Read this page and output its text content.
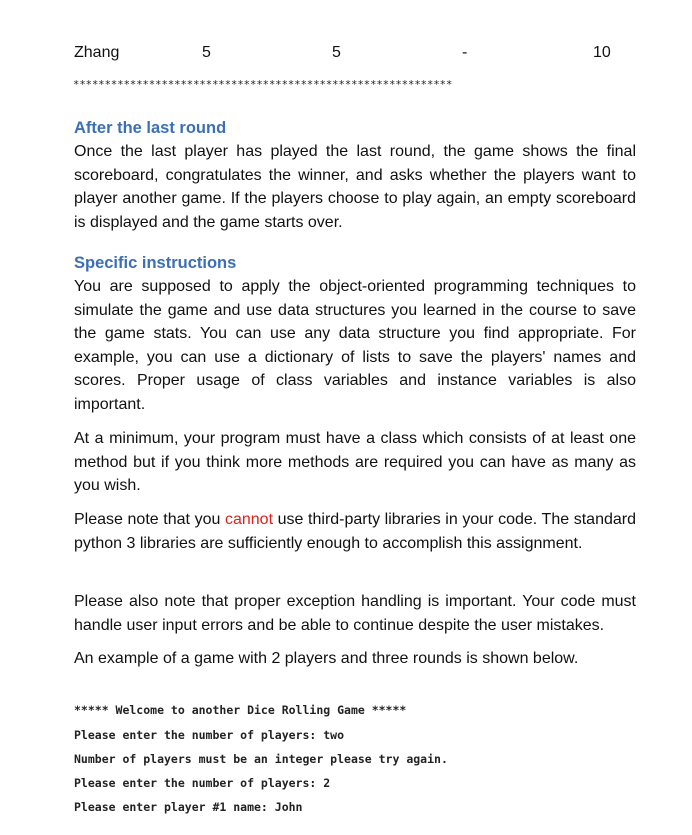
Zhang	5	5	-	10
************************************************************
After the last round

Once the last player has played the last round, the game shows the final scoreboard, congratulates the winner, and asks whether the players want to player another game. If the players choose to play again, an empty scoreboard is displayed and the game starts over.

Specific instructions

You are supposed to apply the object-oriented programming techniques to simulate the game and use data structures you learned in the course to save the game stats. You can use any data structure you find appropriate. For example, you can use a dictionary of lists to save the players' names and scores. Proper usage of class variables and instance variables is also important.

At a minimum, your program must have a class which consists of at least one method but if you think more methods are required you can have as many as you wish.

Please note that you cannot use third-party libraries in your code. The standard python 3 libraries are sufficiently enough to accomplish this assignment.

Please also note that proper exception handling is important. Your code must handle user input errors and be able to continue despite the user mistakes.

An example of a game with 2 players and three rounds is shown below.

***** Welcome to another Dice Rolling Game *****
Please enter the number of players: two
Number of players must be an integer please try again.
Please enter the number of players: 2
Please enter player #1 name: John
